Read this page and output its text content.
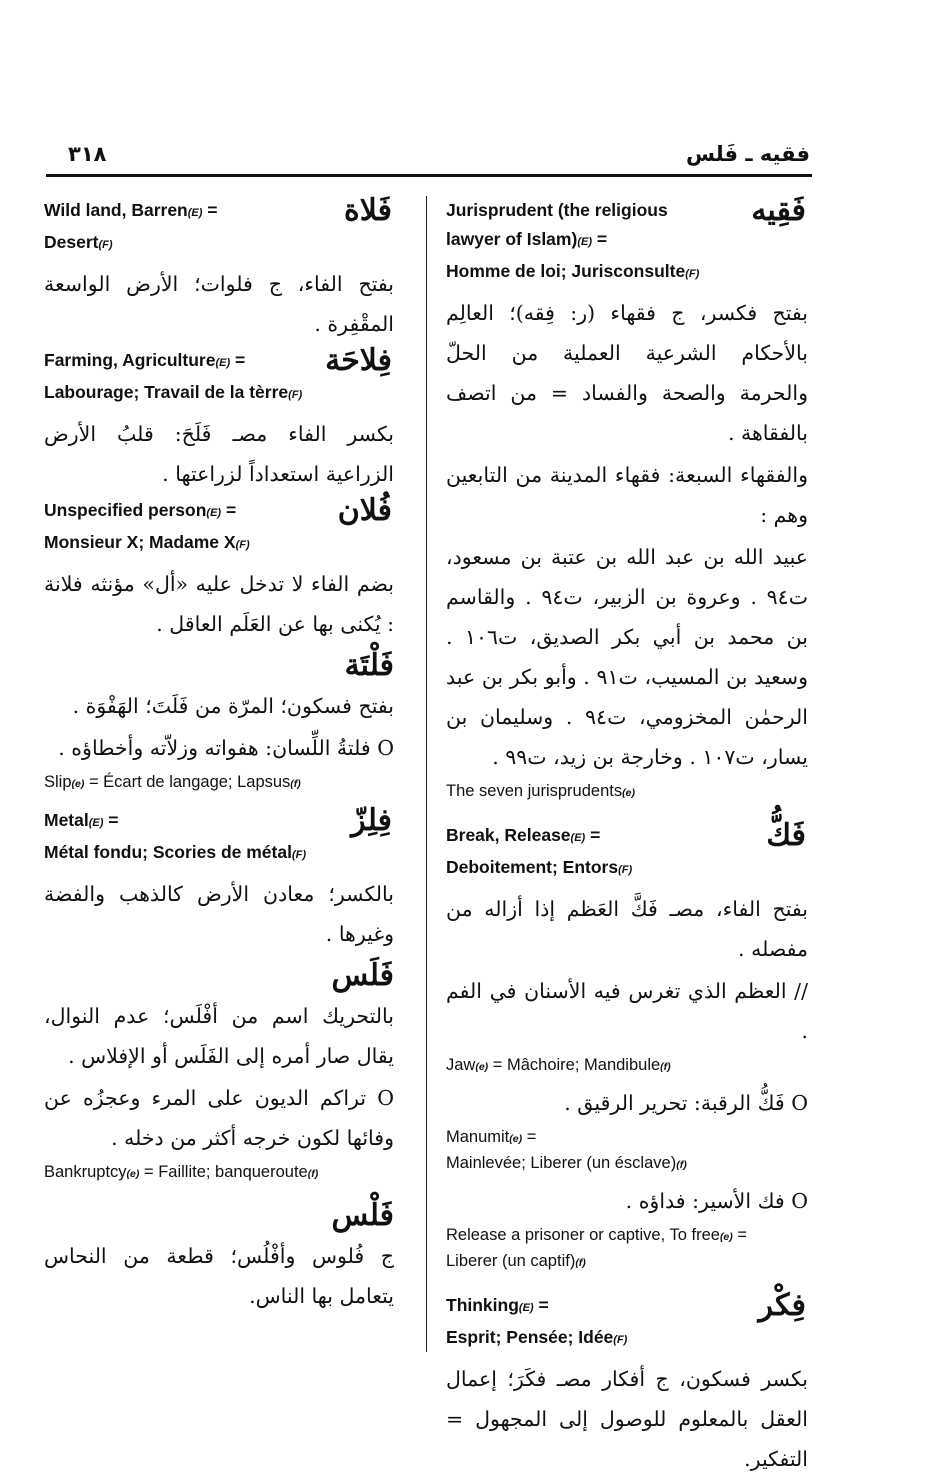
فقيه ـ فَلس
٣١٨
Wild land, Barren(E) =
Desert(F)
فَلاة
بفتح الفاء، ج فلوات؛ الأرض الواسعة المقْفِرة .
Farming, Agriculture(E) =
Labourage; Travail de la tèrre(F)
فِلاحَة
بكسر الفاء مصـ فَلَحَ: قلبُ الأرض الزراعية استعداداً لزراعتها .
Unspecified person(E) =
Monsieur X; Madame X(F)
فُلان
بضم الفاء لا تدخل عليه «أل» مؤنثه فلانة : يُكنى بها عن العَلَم العاقل .
فَلْتَة
بفتح فسكون؛ المرّة من فَلَتَ؛ الهَفْوَة .
O فلتةُ اللِّسان: هفواته وزلاّته وأخطاؤه .
Slip(e) = Écart de langage; Lapsus(f)
Metal(E) =
Métal fondu; Scories de métal(F)
فِلِزّ
بالكسر؛ معادن الأرض كالذهب والفضة وغيرها .
فَلَس
بالتحريك اسم من أفْلَس؛ عدم النوال، يقال صار أمره إلى الفَلَس أو الإفلاس .
O تراكم الديون على المرء وعجزُه عن وفائها لكون خرجه أكثر من دخله .
Bankruptcy(e) = Faillite; banqueroute(f)
فَلْس
ج فُلوس وأفْلُس؛ قطعة من النحاس يتعامل بها الناس.
Jurisprudent (the religious
lawyer of Islam)(E) =
Homme de loi; Jurisconsulte(F)
فَقِيه
بفتح فكسر، ج فقهاء (ر: فِقه)؛ العالِم بالأحكام الشرعية العملية من الحلّ والحرمة والصحة والفساد = من اتصف بالفقاهة .
والفقهاء السبعة: فقهاء المدينة من التابعين وهم :
عبيد الله بن عبد الله بن عتبة بن مسعود، ت٩٤ . وعروة بن الزبير، ت٩٤ . والقاسم بن محمد بن أبي بكر الصديق، ت١٠٦ . وسعيد بن المسيب، ت٩١ . وأبو بكر بن عبد الرحمٰن المخزومي، ت٩٤ . وسليمان بن يسار، ت١٠٧ . وخارجة بن زيد، ت٩٩ .
The seven jurisprudents(e)
Break, Release(E) =
Deboitement; Entors(F)
فَكُّ
بفتح الفاء، مصـ فَكَّ العَظم إذا أزاله من مفصله .
// العظم الذي تغرس فيه الأسنان في الفم .
Jaw(e) = Mâchoire; Mandibule(f)
O فَكُّ الرقبة: تحرير الرقيق .
Manumit(e) =
Mainlevée; Liberer (un ésclave)(f)
O فك الأسير: فداؤه .
Release a prisoner or captive, To free(e) =
Liberer (un captif)(f)
Thinking(E) =
Esprit; Pensée; Idée(F)
فِكْر
بكسر فسكون، ج أفكار مصـ فكَرَ؛ إعمال العقل بالمعلوم للوصول إلى المجهول = التفكير.
